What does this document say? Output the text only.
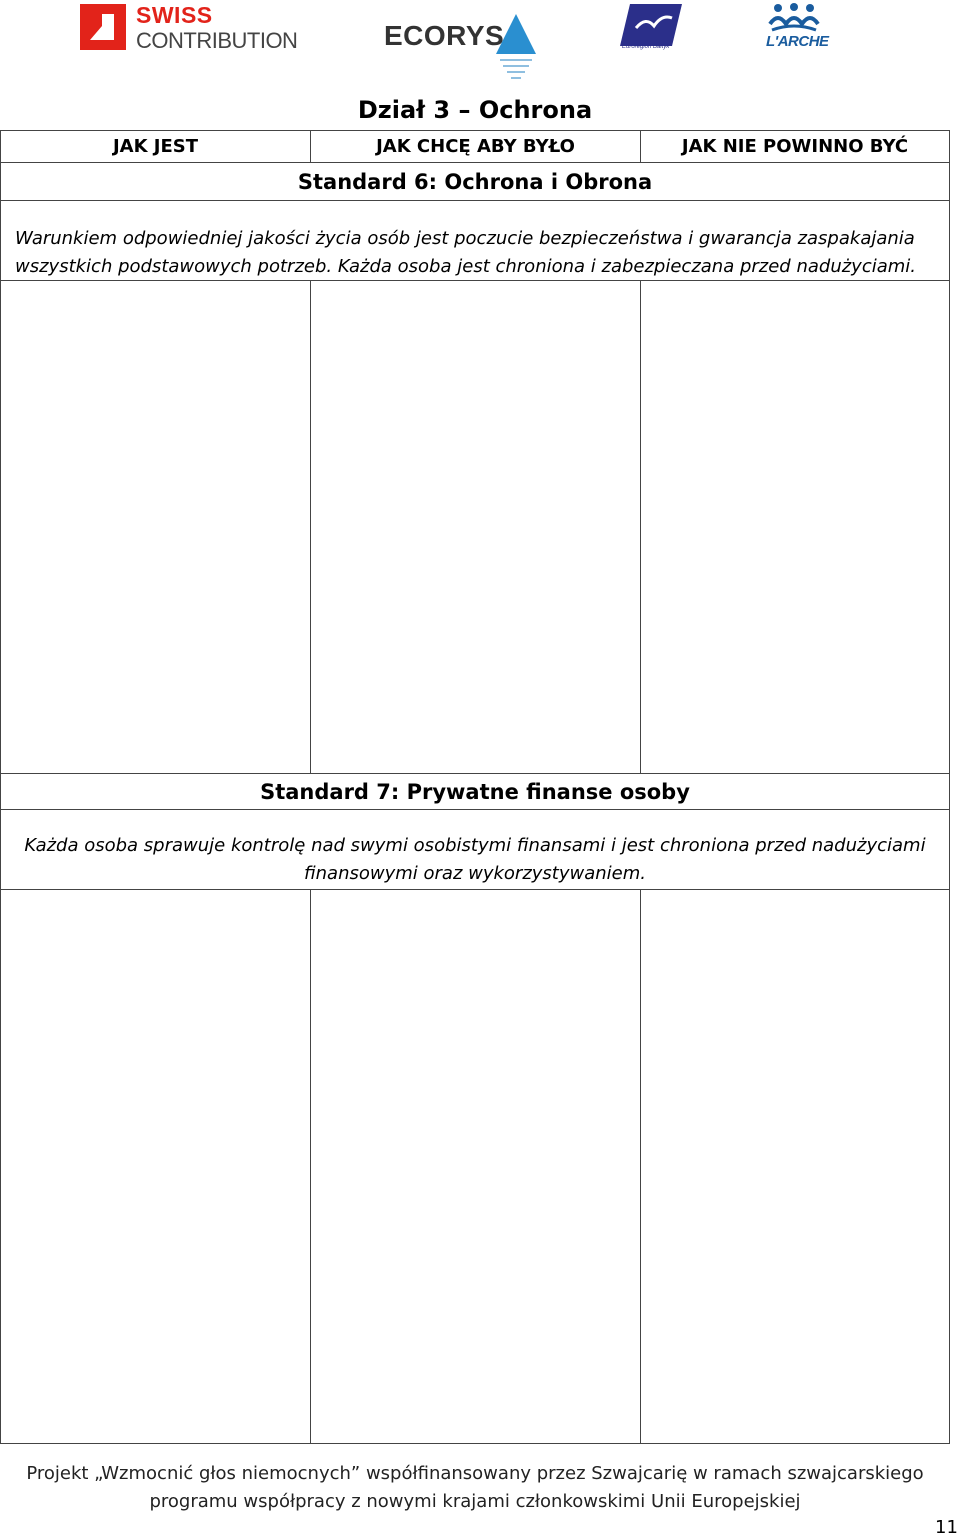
SWISS
CONTRIBUTION	ECORYS	Euroregion Bałtyk	L'ARCHE
Dział 3 – Ochrona
JAK JEST	JAK CHCĘ ABY BYŁO	JAK NIE POWINNO BYĆ
Standard 6: Ochrona i Obrona
Warunkiem odpowiedniej jakości życia osób jest poczucie bezpieczeństwa i gwarancja zaspakajania wszystkich podstawowych potrzeb. Każda osoba jest chroniona i zabezpieczana przed nadużyciami.
Standard 7: Prywatne finanse osoby
Każda osoba sprawuje kontrolę nad swymi osobistymi finansami i jest chroniona przed nadużyciami finansowymi oraz wykorzystywaniem.
Projekt „Wzmocnić głos niemocnych” współfinansowany przez Szwajcarię w ramach szwajcarskiego
programu współpracy z nowymi krajami członkowskimi Unii Europejskiej
11
